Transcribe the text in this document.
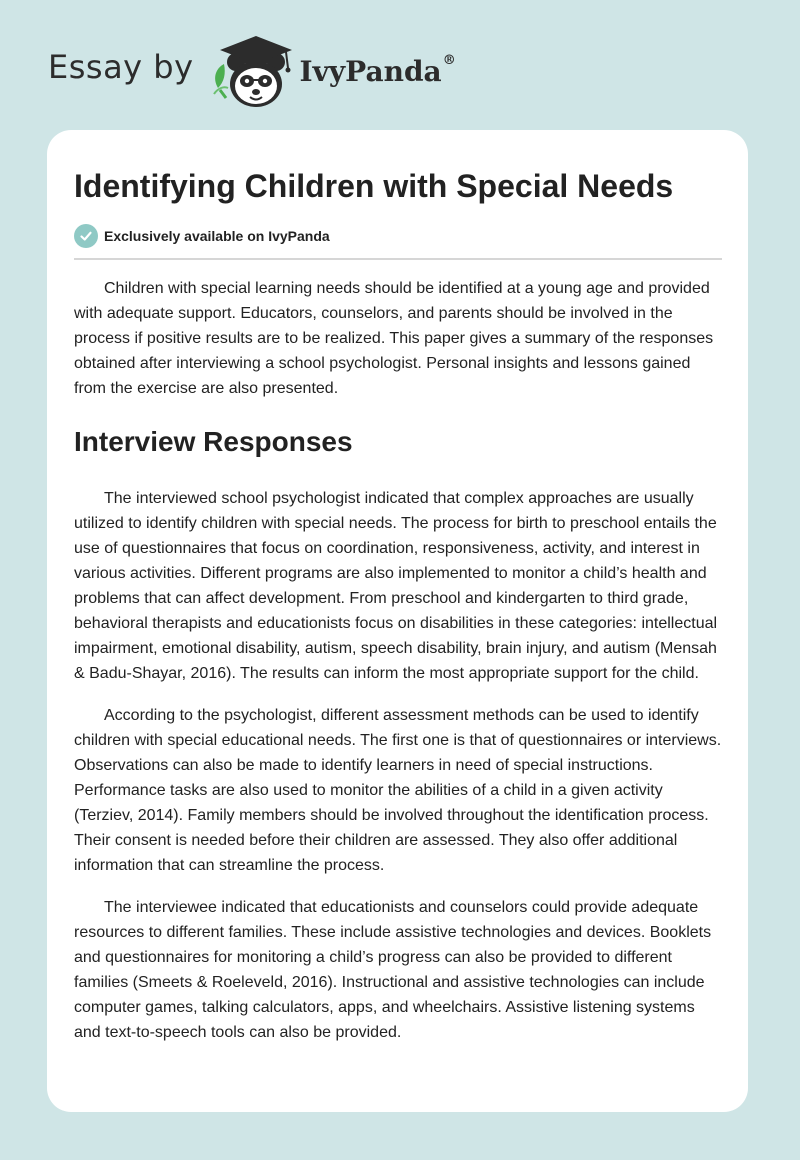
Essay by	IvyPanda®
Identifying Children with Special Needs
Exclusively available on IvyPanda

Children with special learning needs should be identified at a young age and provided with adequate support. Educators, counselors, and parents should be involved in the process if positive results are to be realized. This paper gives a summary of the responses obtained after interviewing a school psychologist. Personal insights and lessons gained from the exercise are also presented.

Interview Responses

The interviewed school psychologist indicated that complex approaches are usually utilized to identify children with special needs. The process for birth to preschool entails the use of questionnaires that focus on coordination, responsiveness, activity, and interest in various activities. Different programs are also implemented to monitor a child’s health and problems that can affect development. From preschool and kindergarten to third grade, behavioral therapists and educationists focus on disabilities in these categories: intellectual impairment, emotional disability, autism, speech disability, brain injury, and autism (Mensah & Badu-Shayar, 2016). The results can inform the most appropriate support for the child.

According to the psychologist, different assessment methods can be used to identify children with special educational needs. The first one is that of questionnaires or interviews. Observations can also be made to identify learners in need of special instructions. Performance tasks are also used to monitor the abilities of a child in a given activity (Terziev, 2014). Family members should be involved throughout the identification process. Their consent is needed before their children are assessed. They also offer additional information that can streamline the process.

The interviewee indicated that educationists and counselors could provide adequate resources to different families. These include assistive technologies and devices. Booklets and questionnaires for monitoring a child’s progress can also be provided to different families (Smeets & Roeleveld, 2016). Instructional and assistive technologies can include computer games, talking calculators, apps, and wheelchairs. Assistive listening systems and text-to-speech tools can also be provided.
